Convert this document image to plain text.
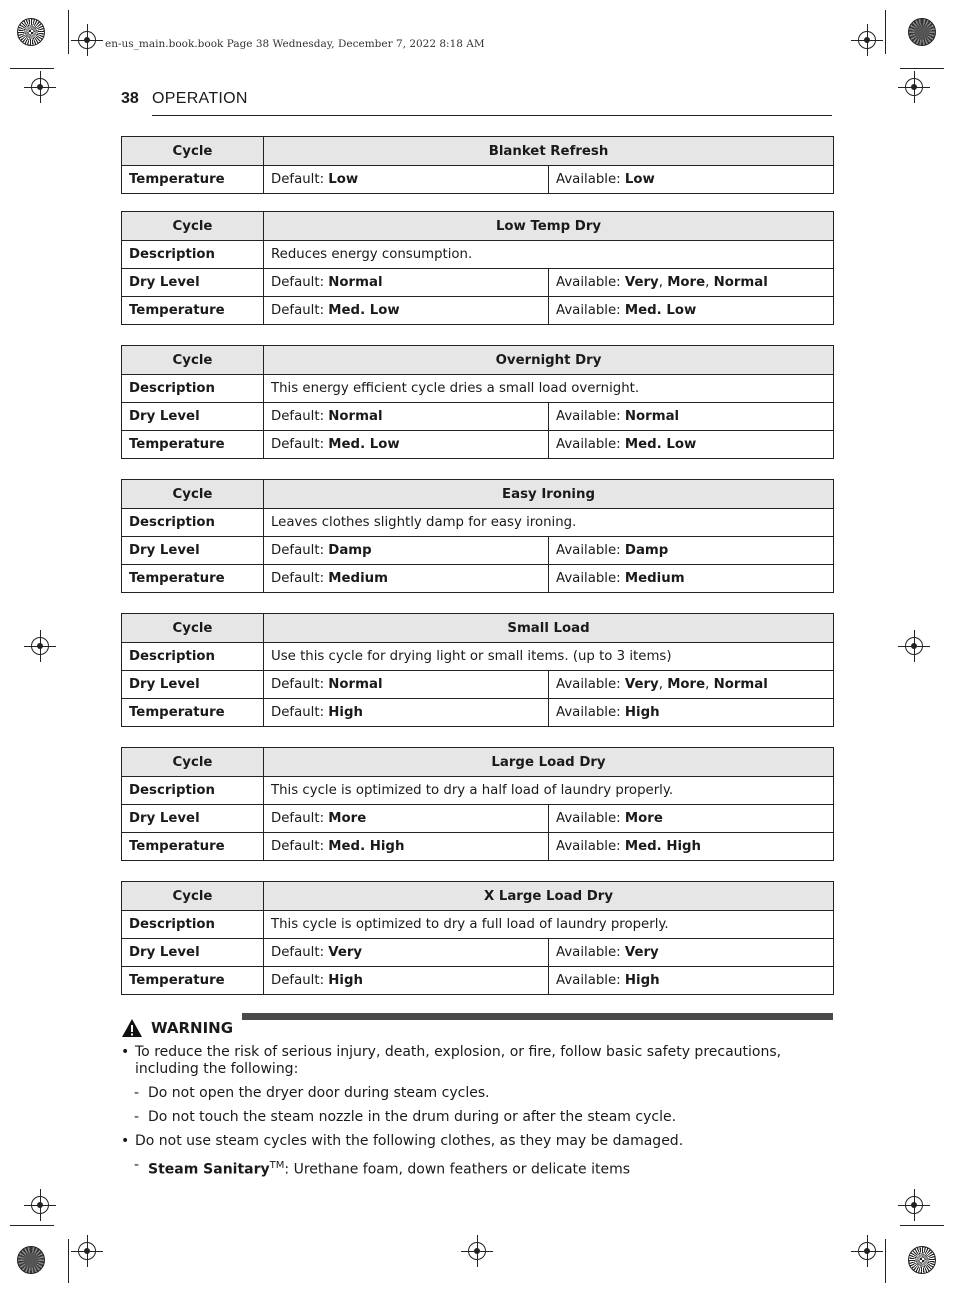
en-us_main.book.book Page 38 Wednesday, December 7, 2022 8:18 AM
38 OPERATION
Cycle	Blanket Refresh	
Temperature	Default: Low	Available: Low
Cycle	Low Temp Dry	
Description	Reduces energy consumption.	
Dry Level	Default: Normal	Available: Very, More, Normal
Temperature	Default: Med. Low	Available: Med. Low
Cycle	Overnight Dry	
Description	This energy efficient cycle dries a small load overnight.	
Dry Level	Default: Normal	Available: Normal
Temperature	Default: Med. Low	Available: Med. Low
Cycle	Easy Ironing	
Description	Leaves clothes slightly damp for easy ironing.	
Dry Level	Default: Damp	Available: Damp
Temperature	Default: Medium	Available: Medium
Cycle	Small Load	
Description	Use this cycle for drying light or small items. (up to 3 items)	
Dry Level	Default: Normal	Available: Very, More, Normal
Temperature	Default: High	Available: High
Cycle	Large Load Dry	
Description	This cycle is optimized to dry a half load of laundry properly.	
Dry Level	Default: More	Available: More
Temperature	Default: Med. High	Available: Med. High
Cycle	X Large Load Dry	
Description	This cycle is optimized to dry a full load of laundry properly.	
Dry Level	Default: Very	Available: Very
Temperature	Default: High	Available: High
WARNING
• To reduce the risk of serious injury, death, explosion, or fire, follow basic safety precautions, including the following:
- Do not open the dryer door during steam cycles.
- Do not touch the steam nozzle in the drum during or after the steam cycle.
• Do not use steam cycles with the following clothes, as they may be damaged.
- Steam Sanitary™: Urethane foam, down feathers or delicate items
